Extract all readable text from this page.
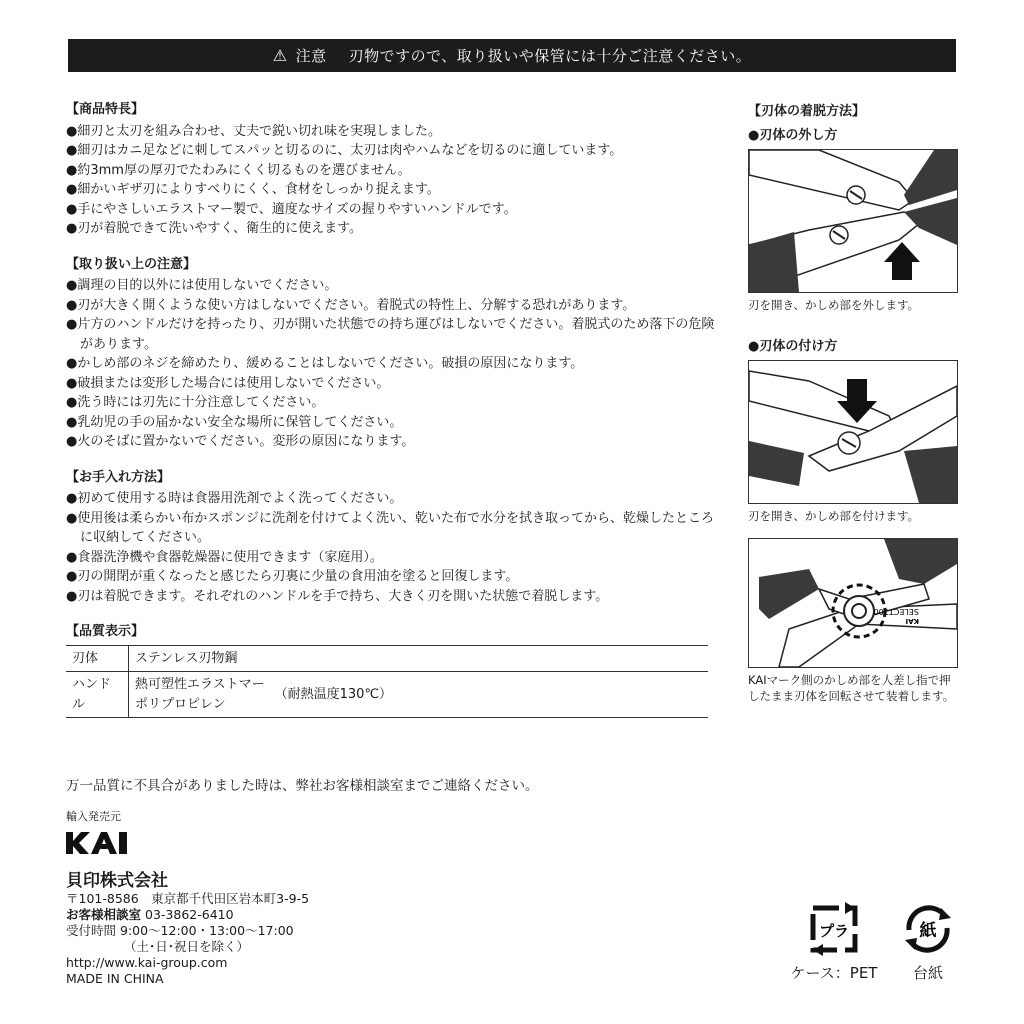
⚠ 注意 刃物ですので、取り扱いや保管には十分ご注意ください。

【商品特長】

●細刃と太刃を組み合わせ、丈夫で鋭い切れ味を実現しました。

●細刃はカニ足などに刺してスパッと切るのに、太刃は肉やハムなどを切るのに適しています。

●約3mm厚の厚刃でたわみにくく切るものを選びません。

●細かいギザ刃によりすべりにくく、食材をしっかり捉えます。

●手にやさしいエラストマー製で、適度なサイズの握りやすいハンドルです。

●刃が着脱できて洗いやすく、衛生的に使えます。

【取り扱い上の注意】

●調理の目的以外には使用しないでください。

●刃が大きく開くような使い方はしないでください。着脱式の特性上、分解する恐れがあります。

●片方のハンドルだけを持ったり、刃が開いた状態での持ち運びはしないでください。着脱式のため落下の危険があります。

●かしめ部のネジを締めたり、緩めることはしないでください。破損の原因になります。

●破損または変形した場合には使用しないでください。

●洗う時には刃先に十分注意してください。

●乳幼児の手の届かない安全な場所に保管してください。

●火のそばに置かないでください。変形の原因になります。

【お手入れ方法】

●初めて使用する時は食器用洗剤でよく洗ってください。

●使用後は柔らかい布かスポンジに洗剤を付けてよく洗い、乾いた布で水分を拭き取ってから、乾燥したところに収納してください。

●食器洗浄機や食器乾燥器に使用できます（家庭用）。

●刃の開閉が重くなったと感じたら刃裏に少量の食用油を塗ると回復します。

●刃は着脱できます。それぞれのハンドルを手で持ち、大きく刃を開いた状態で着脱します。

【品質表示】

刃体	ステンレス刃物鋼
ハンドル	熱可塑性エラストマー
ポリプロピレン
（耐熱温度130℃）
万一品質に不具合がありました時は、弊社お客様相談室までご連絡ください。
輸入発売元
貝印株式会社
〒101-8586　東京都千代田区岩本町3-9-5
お客様相談室 03-3862-6410
受付時間 9:00～12:00・13:00～17:00
（土･日･祝日を除く）
http://www.kai-group.com
MADE IN CHINA

【刃体の着脱方法】

●刃体の外し方

刃を開き、かしめ部を外します。

●刃体の付け方

刃を開き、かしめ部を付けます。

SELECT100
KAI

KAIマーク側のかしめ部を人差し指で押したまま刃体を回転させて装着します。

プラ
ケース：PET
紙
台紙
